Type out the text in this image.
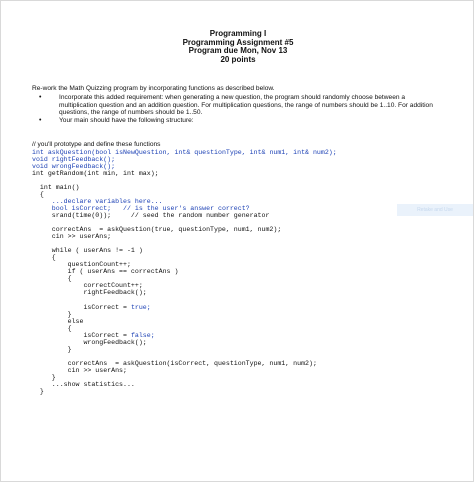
Programming I
Programming Assignment #5
Program due Mon, Nov 13
20 points
Re-work the Math Quizzing program by incorporating functions as described below.
•	Incorporate this added requirement: when generating a new question, the program should randomly choose between a multiplication question and an addition question. For multiplication questions, the range of numbers should be 1..10. For addition questions, the range of numbers should be 1..50.
•	Your main should have the following structure:
// you'll prototype and define these functions
int askQuestion(bool isNewQuestion, int& questionType, int& num1, int& num2);
void rightFeedback();
void wrongFeedback();
int getRandom(int min, int max);

int main()
{
...declare variables here...
bool isCorrect;   // is the user's answer correct?
srand(time(0));     // seed the random number generator

correctAns  = askQuestion(true, questionType, num1, num2);
cin >> userAns;

while ( userAns != -1 )
{
questionCount++;
if ( userAns == correctAns )
{
correctCount++;
rightFeedback();

isCorrect = true;
}
else
{
isCorrect = false;
wrongFeedback();
}

correctAns  = askQuestion(isCorrect, questionType, num1, num2);
cin >> userAns;
}
...show statistics...
}
Retake and Use
